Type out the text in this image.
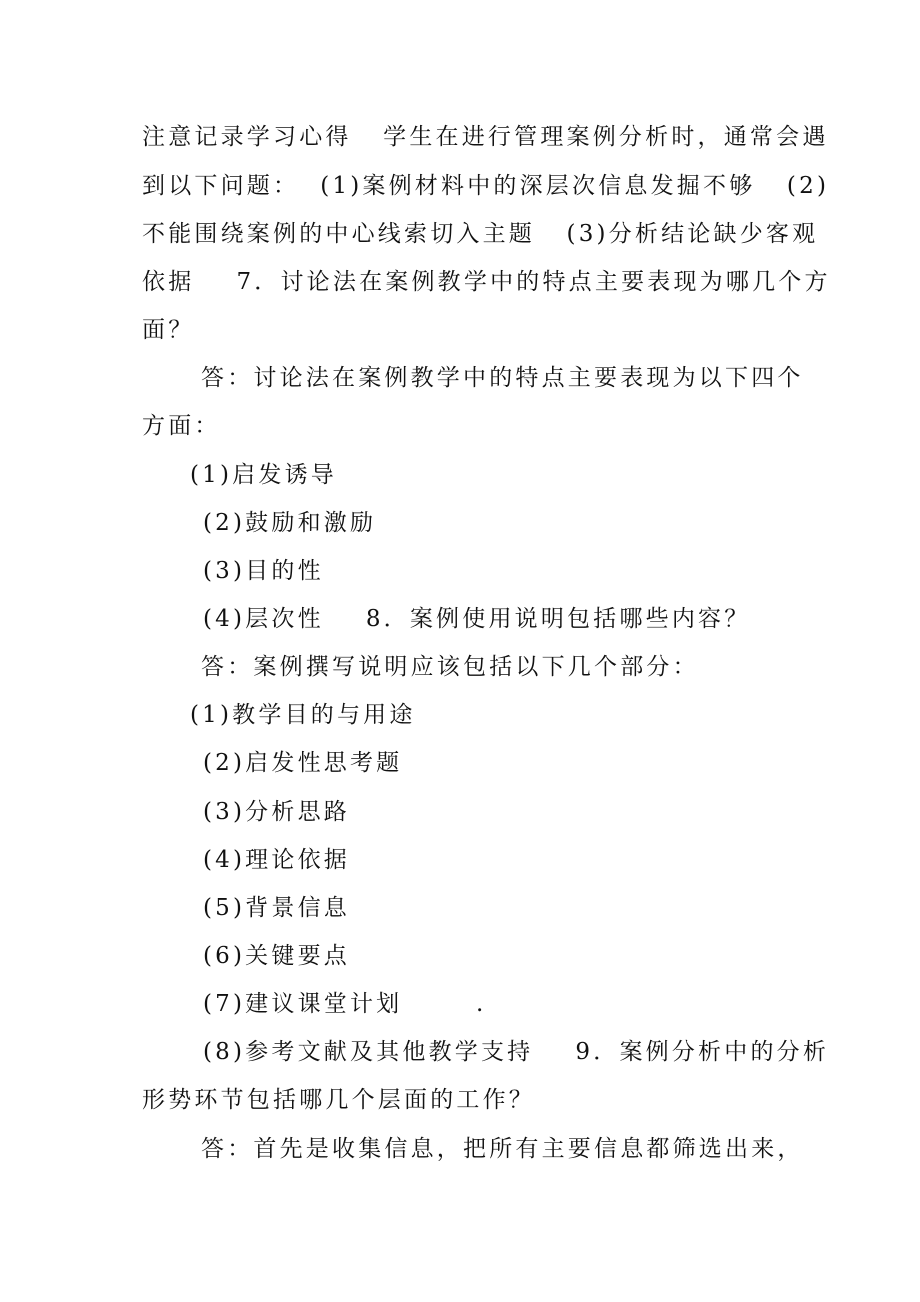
注意记录学习心得   学生在进行管理案例分析时，通常会遇
到以下问题：  (1)案例材料中的深层次信息发掘不够   (2)
不能围绕案例的中心线索切入主题   (3)分析结论缺少客观
依据    7．讨论法在案例教学中的特点主要表现为哪几个方
面？
答：讨论法在案例教学中的特点主要表现为以下四个
方面：
(1)启发诱导
(2)鼓励和激励
(3)目的性
(4)层次性    8．案例使用说明包括哪些内容？
答：案例撰写说明应该包括以下几个部分：
(1)教学目的与用途
(2)启发性思考题
(3)分析思路
(4)理论依据
(5)背景信息
(6)关键要点
(7)建议课堂计划       .
(8)参考文献及其他教学支持    9．案例分析中的分析
形势环节包括哪几个层面的工作？
答：首先是收集信息，把所有主要信息都筛选出来，
